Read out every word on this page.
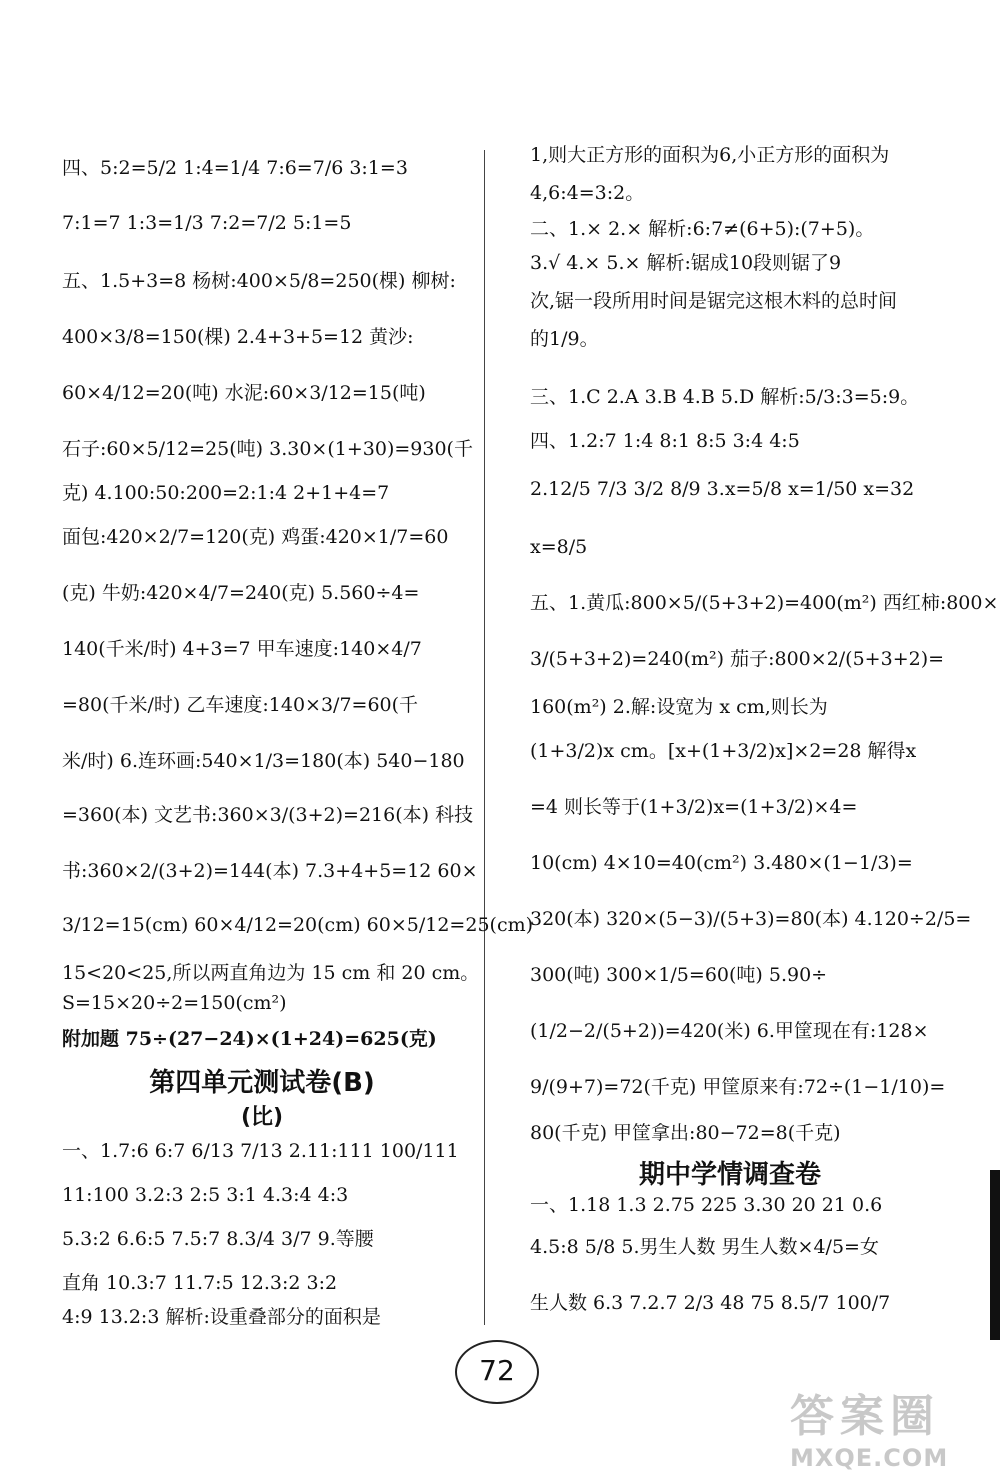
四、5:2=5/2 1:4=1/4 7:6=7/6 3:1=3
7:1=7 1:3=1/3 7:2=7/2 5:1=5
五、1.5+3=8 杨树:400×5/8=250(棵) 柳树:
400×3/8=150(棵) 2.4+3+5=12 黄沙:
60×4/12=20(吨) 水泥:60×3/12=15(吨)
石子:60×5/12=25(吨) 3.30×(1+30)=930(千
克) 4.100:50:200=2:1:4 2+1+4=7
面包:420×2/7=120(克) 鸡蛋:420×1/7=60
(克) 牛奶:420×4/7=240(克) 5.560÷4=
140(千米/时) 4+3=7 甲车速度:140×4/7
=80(千米/时) 乙车速度:140×3/7=60(千
米/时) 6.连环画:540×1/3=180(本) 540−180
=360(本) 文艺书:360×3/(3+2)=216(本) 科技
书:360×2/(3+2)=144(本) 7.3+4+5=12 60×
3/12=15(cm) 60×4/12=20(cm) 60×5/12=25(cm)
15<20<25,所以两直角边为 15 cm 和 20 cm。
S=15×20÷2=150(cm²)
附加题 75÷(27−24)×(1+24)=625(克)
第四单元测试卷(B)
(比)
一、1.7:6 6:7 6/13 7/13 2.11:111 100/111
11:100 3.2:3 2:5 3:1 4.3:4 4:3
5.3:2 6.6:5 7.5:7 8.3/4 3/7 9.等腰
直角 10.3:7 11.7:5 12.3:2 3:2
4:9 13.2:3 解析:设重叠部分的面积是
1,则大正方形的面积为6,小正方形的面积为
4,6:4=3:2。
二、1.× 2.× 解析:6:7≠(6+5):(7+5)。
3.√ 4.× 5.× 解析:锯成10段则锯了9
次,锯一段所用时间是锯完这根木料的总时间
的1/9。
三、1.C 2.A 3.B 4.B 5.D 解析:5/3:3=5:9。
四、1.2:7 1:4 8:1 8:5 3:4 4:5
2.12/5 7/3 3/2 8/9 3.x=5/8 x=1/50 x=32
x=8/5
五、1.黄瓜:800×5/(5+3+2)=400(m²) 西红柿:800×
3/(5+3+2)=240(m²) 茄子:800×2/(5+3+2)=
160(m²) 2.解:设宽为 x cm,则长为
(1+3/2)x cm。[x+(1+3/2)x]×2=28 解得x
=4 则长等于(1+3/2)x=(1+3/2)×4=
10(cm) 4×10=40(cm²) 3.480×(1−1/3)=
320(本) 320×(5−3)/(5+3)=80(本) 4.120÷2/5=
300(吨) 300×1/5=60(吨) 5.90÷
(1/2−2/(5+2))=420(米) 6.甲筐现在有:128×
9/(9+7)=72(千克) 甲筐原来有:72÷(1−1/10)=
80(千克) 甲筐拿出:80−72=8(千克)
期中学情调查卷
一、1.18 1.3 2.75 225 3.30 20 21 0.6
4.5:8 5/8 5.男生人数 男生人数×4/5=女
生人数 6.3 7.2.7 2/3 48 75 8.5/7 100/7
72
答案圈
MXQE.COM
